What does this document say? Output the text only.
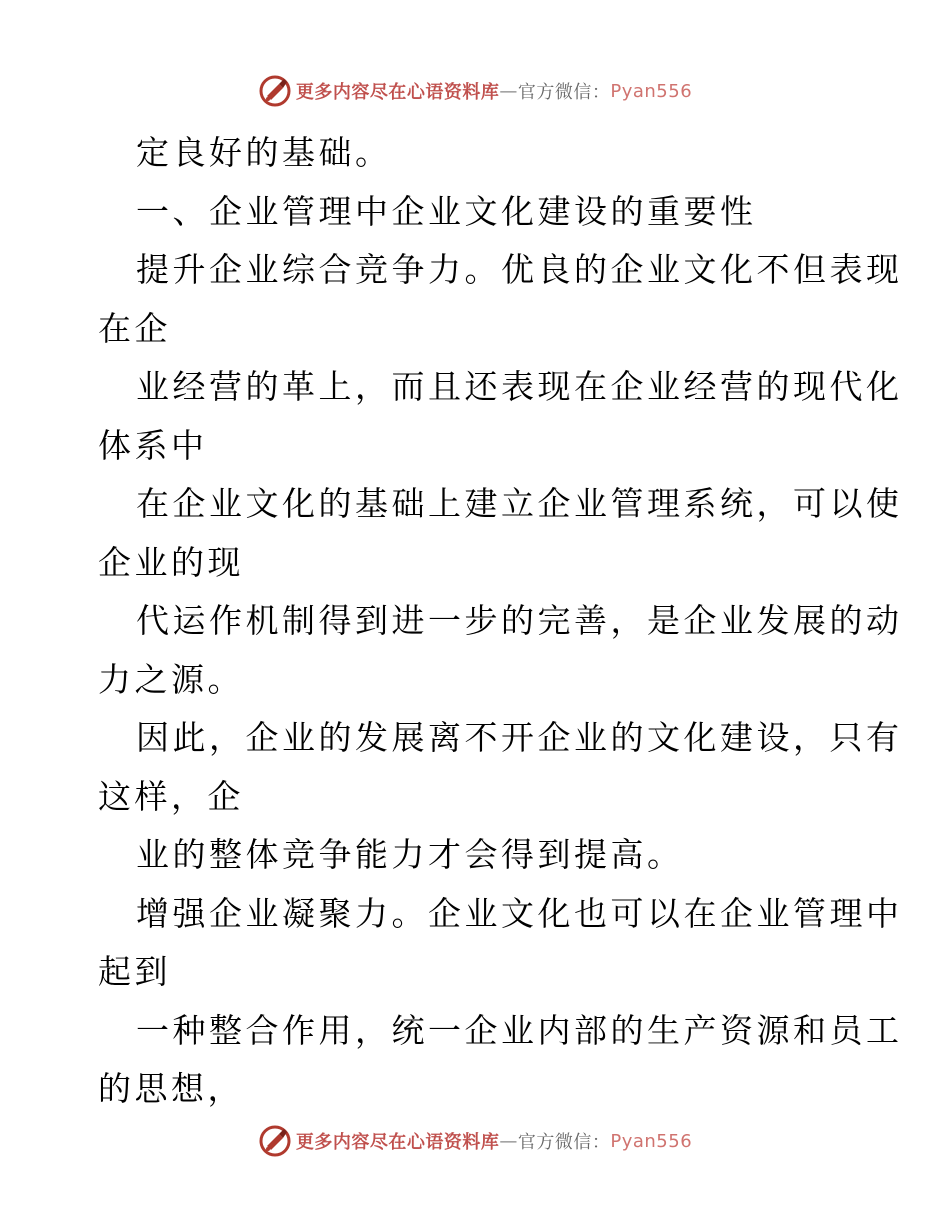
更多内容尽在心语资料库 — 官方微信： Pyan556

定良好的基础。

一、企业管理中企业文化建设的重要性

提升企业综合竞争力。优良的企业文化不但表现

在企

业经营的革上，而且还表现在企业经营的现代化

体系中

在企业文化的基础上建立企业管理系统，可以使

企业的现

代运作机制得到进一步的完善，是企业发展的动

力之源。

因此，企业的发展离不开企业的文化建设，只有

这样，企

业的整体竞争能力才会得到提高。

增强企业凝聚力。企业文化也可以在企业管理中

起到

一种整合作用，统一企业内部的生产资源和员工

的思想，

更多内容尽在心语资料库 — 官方微信： Pyan556
